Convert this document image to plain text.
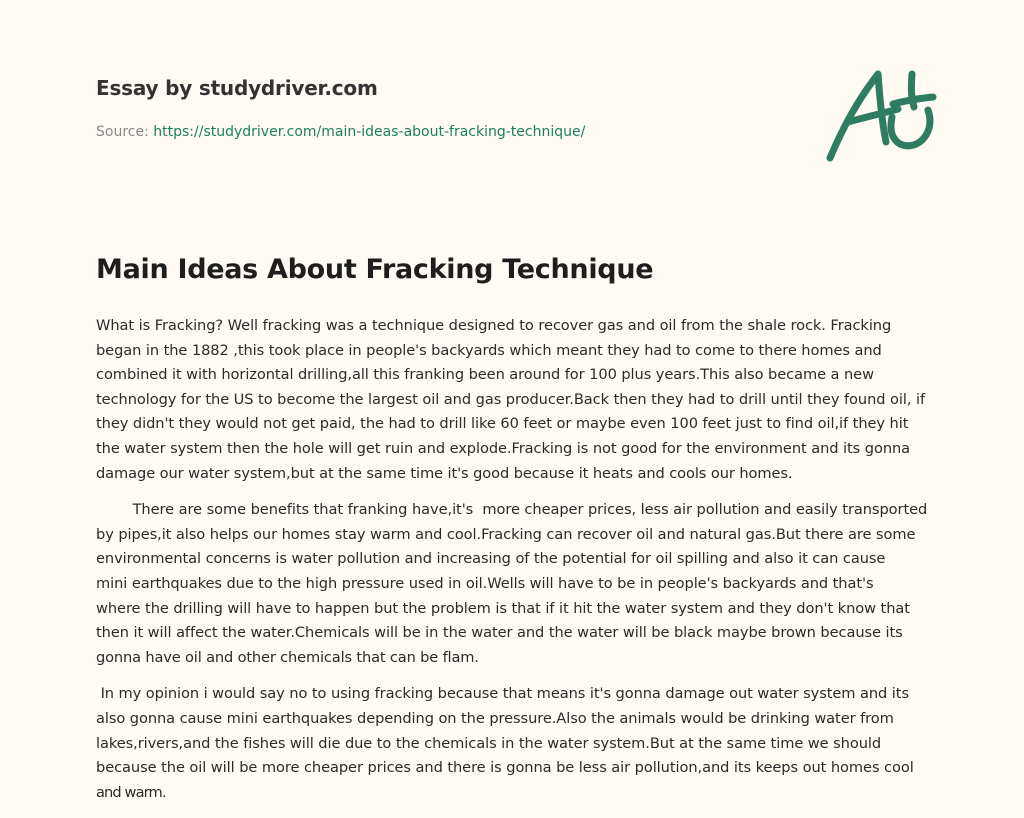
Essay by studydriver.com
Source: https://studydriver.com/main-ideas-about-fracking-technique/
Main Ideas About Fracking Technique

What is Fracking? Well fracking was a technique designed to recover gas and oil from the shale rock. Fracking
began in the 1882 ,this took place in people's backyards which meant they had to come to there homes and
combined it with horizontal drilling,all this franking been around for 100 plus years.This also became a new
technology for the US to become the largest oil and gas producer.Back then they had to drill until they found oil, if
they didn't they would not get paid, the had to drill like 60 feet or maybe even 100 feet just to find oil,if they hit
the water system then the hole will get ruin and explode.Fracking is not good for the environment and its gonna
damage our water system,but at the same time it's good because it heats and cools our homes.

There are some benefits that franking have,it's  more cheaper prices, less air pollution and easily transported
by pipes,it also helps our homes stay warm and cool.Fracking can recover oil and natural gas.But there are some
environmental concerns is water pollution and increasing of the potential for oil spilling and also it can cause
mini earthquakes due to the high pressure used in oil.Wells will have to be in people's backyards and that's
where the drilling will have to happen but the problem is that if it hit the water system and they don't know that
then it will affect the water.Chemicals will be in the water and the water will be black maybe brown because its
gonna have oil and other chemicals that can be flam.

In my opinion i would say no to using fracking because that means it's gonna damage out water system and its
also gonna cause mini earthquakes depending on the pressure.Also the animals would be drinking water from
lakes,rivers,and the fishes will die due to the chemicals in the water system.But at the same time we should
because the oil will be more cheaper prices and there is gonna be less air pollution,and its keeps out homes cool
and warm.
